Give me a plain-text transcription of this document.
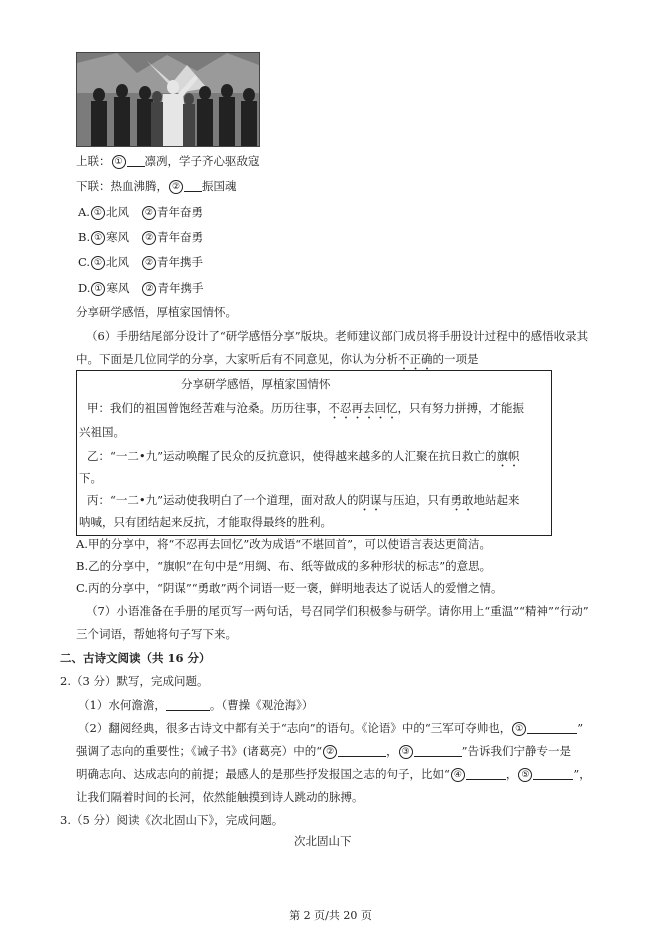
上联： ① 凛冽，学子齐心驱敌寇
下联：热血沸腾， ② 振国魂
A. ① 北风 ② 青年奋勇
B. ① 寒风 ② 青年奋勇
C. ① 北风 ② 青年携手
D. ① 寒风 ② 青年携手
分享研学感悟，厚植家国情怀。
（6）手册结尾部分设计了“研学感悟分享”版块。老师建议部门成员将手册设计过程中的感悟收录其
中。下面是几位同学的分享，大家听后有不同意见，你认为分析不正确的一项是
分享研学感悟，厚植家国情怀
甲：我们的祖国曾饱经苦难与沧桑。历历往事，不忍再去回忆，只有努力拼搏，才能振
兴祖国。
乙：“一二•九”运动唤醒了民众的反抗意识，使得越来越多的人汇聚在抗日救亡的旗帜
下。
丙：“一二•九”运动使我明白了一个道理，面对敌人的阴谋与压迫，只有勇敢地站起来
呐喊，只有团结起来反抗，才能取得最终的胜利。
A.甲的分享中，将“不忍再去回忆”改为成语“不堪回首”，可以使语言表达更简洁。
B.乙的分享中，“旗帜”在句中是“用绸、布、纸等做成的多种形状的标志”的意思。
C.丙的分享中，“阴谋”“勇敢”两个词语一贬一褒，鲜明地表达了说话人的爱憎之情。
（7）小语准备在手册的尾页写一两句话，号召同学们积极参与研学。请你用上“重温”“精神”“行动”
三个词语，帮她将句子写下来。
二、古诗文阅读（共 16 分）
2.（3 分）默写，完成问题。
（1）水何澹澹，	。（曹操《观沧海》）
（2）翻阅经典，很多古诗文中都有关于“志向”的语句。《论语》中的“三军可夺帅也， ①	”
强调了志向的重要性；《诫子书》(诸葛亮）中的“ ②	， ③	”告诉我们宁静专一是
明确志向、达成志向的前提；最感人的是那些抒发报国之志的句子，比如“ ④	， ⑤	”，
让我们隔着时间的长河，依然能触摸到诗人跳动的脉搏。
3.（5 分）阅读《次北固山下》，完成问题。
次北固山下
第 2 页/共 20 页
